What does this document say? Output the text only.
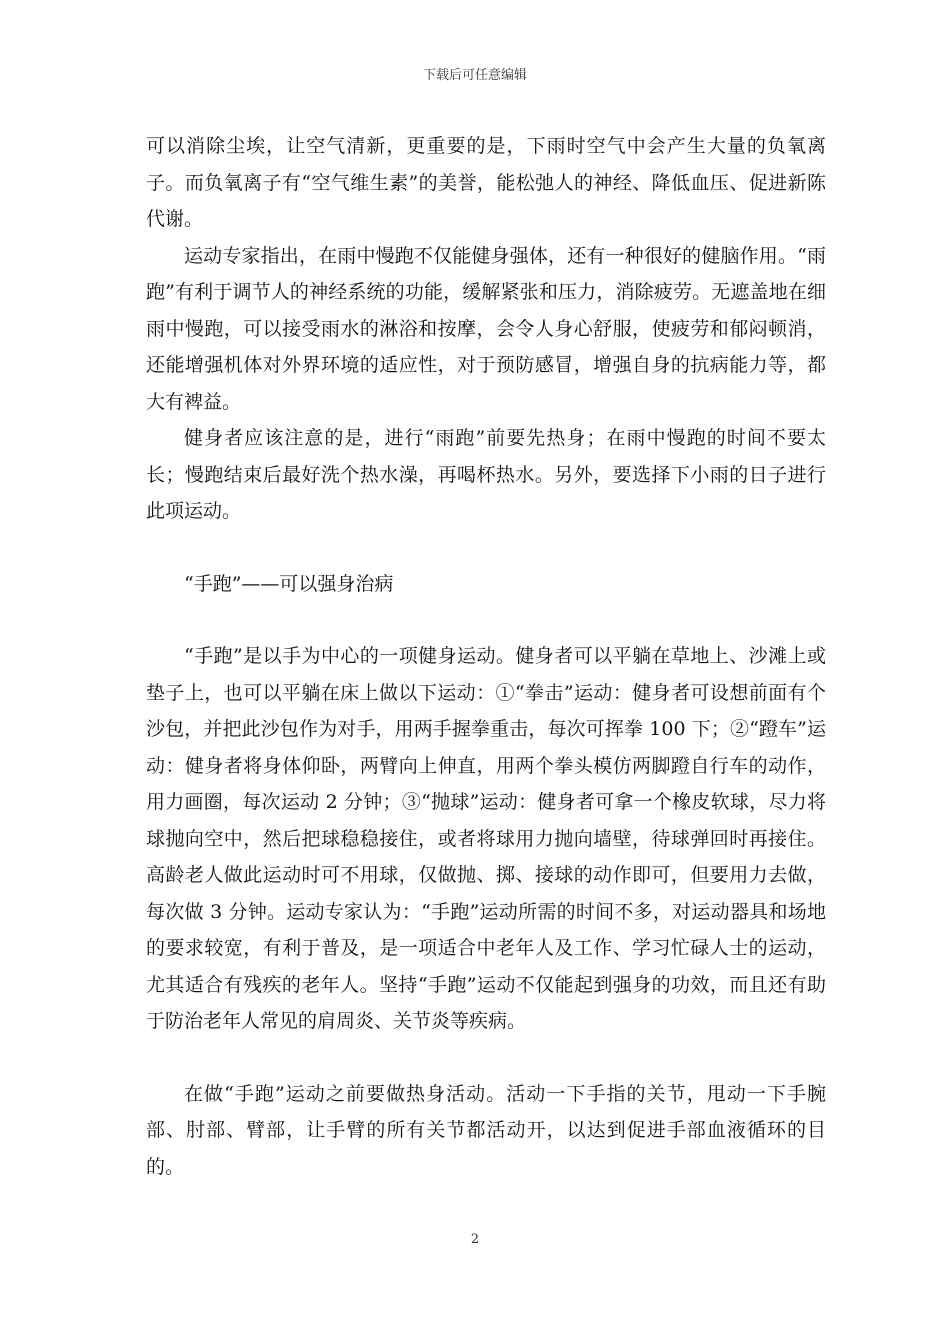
下载后可任意编辑

可以消除尘埃，让空气清新，更重要的是，下雨时空气中会产生大量的负氧离子。而负氧离子有“空气维生素”的美誉，能松弛人的神经、降低血压、促进新陈代谢。

运动专家指出，在雨中慢跑不仅能健身强体，还有一种很好的健脑作用。“雨跑”有利于调节人的神经系统的功能，缓解紧张和压力，消除疲劳。无遮盖地在细雨中慢跑，可以接受雨水的淋浴和按摩，会令人身心舒服，使疲劳和郁闷顿消，还能增强机体对外界环境的适应性，对于预防感冒，增强自身的抗病能力等，都大有裨益。

健身者应该注意的是，进行“雨跑”前要先热身；在雨中慢跑的时间不要太长；慢跑结束后最好洗个热水澡，再喝杯热水。另外，要选择下小雨的日子进行此项运动。

“手跑”——可以强身治病

“手跑”是以手为中心的一项健身运动。健身者可以平躺在草地上、沙滩上或垫子上，也可以平躺在床上做以下运动：①“拳击”运动：健身者可设想前面有个沙包，并把此沙包作为对手，用两手握拳重击，每次可挥拳 100 下；②“蹬车”运动：健身者将身体仰卧，两臂向上伸直，用两个拳头模仿两脚蹬自行车的动作，用力画圈，每次运动 2 分钟；③“抛球”运动：健身者可拿一个橡皮软球，尽力将球抛向空中，然后把球稳稳接住，或者将球用力抛向墙壁，待球弹回时再接住。高龄老人做此运动时可不用球，仅做抛、掷、接球的动作即可，但要用力去做，每次做 3 分钟。运动专家认为：“手跑”运动所需的时间不多，对运动器具和场地的要求较宽，有利于普及，是一项适合中老年人及工作、学习忙碌人士的运动，尤其适合有残疾的老年人。坚持“手跑”运动不仅能起到强身的功效，而且还有助于防治老年人常见的肩周炎、关节炎等疾病。

在做“手跑”运动之前要做热身活动。活动一下手指的关节，甩动一下手腕部、肘部、臂部，让手臂的所有关节都活动开，以达到促进手部血液循环的目的。

2
